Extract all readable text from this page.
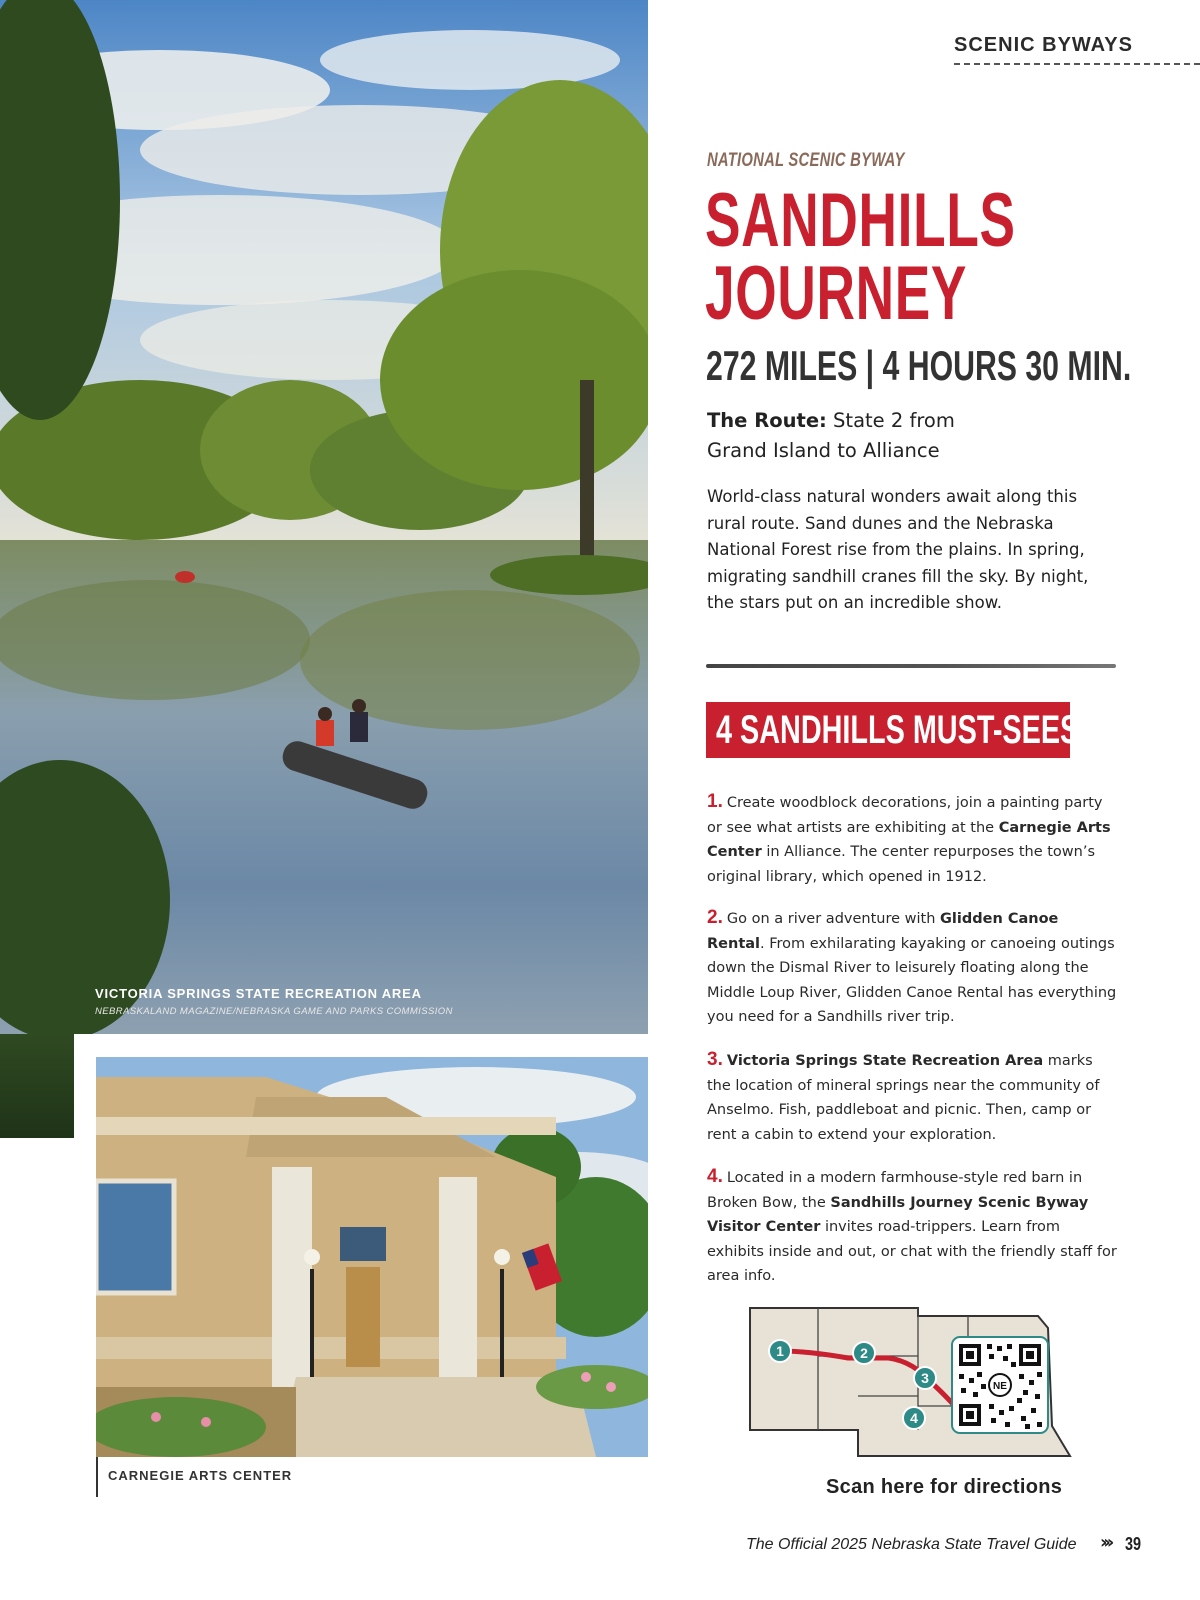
SCENIC BYWAYS
VICTORIA SPRINGS STATE RECREATION AREA
NEBRASKALAND MAGAZINE/NEBRASKA GAME AND PARKS COMMISSION
CARNEGIE ARTS CENTER
NATIONAL SCENIC BYWAY
SANDHILLS
JOURNEY
272 MILES | 4 HOURS 30 MIN.
The Route: State 2 from
Grand Island to Alliance
World-class natural wonders await along this rural route. Sand dunes and the Nebraska National Forest rise from the plains. In spring, migrating sandhill cranes fill the sky. By night, the stars put on an incredible show.
4 SANDHILLS MUST-SEES
1. Create woodblock decorations, join a painting party or see what artists are exhibiting at the Carnegie Arts Center in Alliance. The center repurposes the town’s original library, which opened in 1912.
2. Go on a river adventure with Glidden Canoe Rental. From exhilarating kayaking or canoeing outings down the Dismal River to leisurely floating along the Middle Loup River, Glidden Canoe Rental has everything you need for a Sandhills river trip.
3. Victoria Springs State Recreation Area marks the location of mineral springs near the community of Anselmo. Fish, paddleboat and picnic. Then, camp or rent a cabin to extend your exploration.
4. Located in a modern farmhouse-style red barn in Broken Bow, the Sandhills Journey Scenic Byway Visitor Center invites road-trippers. Learn from exhibits inside and out, or chat with the friendly staff for area info.
1	2
3
4
NE
Scan here for directions
The Official 2025 Nebraska State Travel Guide ››› 39
